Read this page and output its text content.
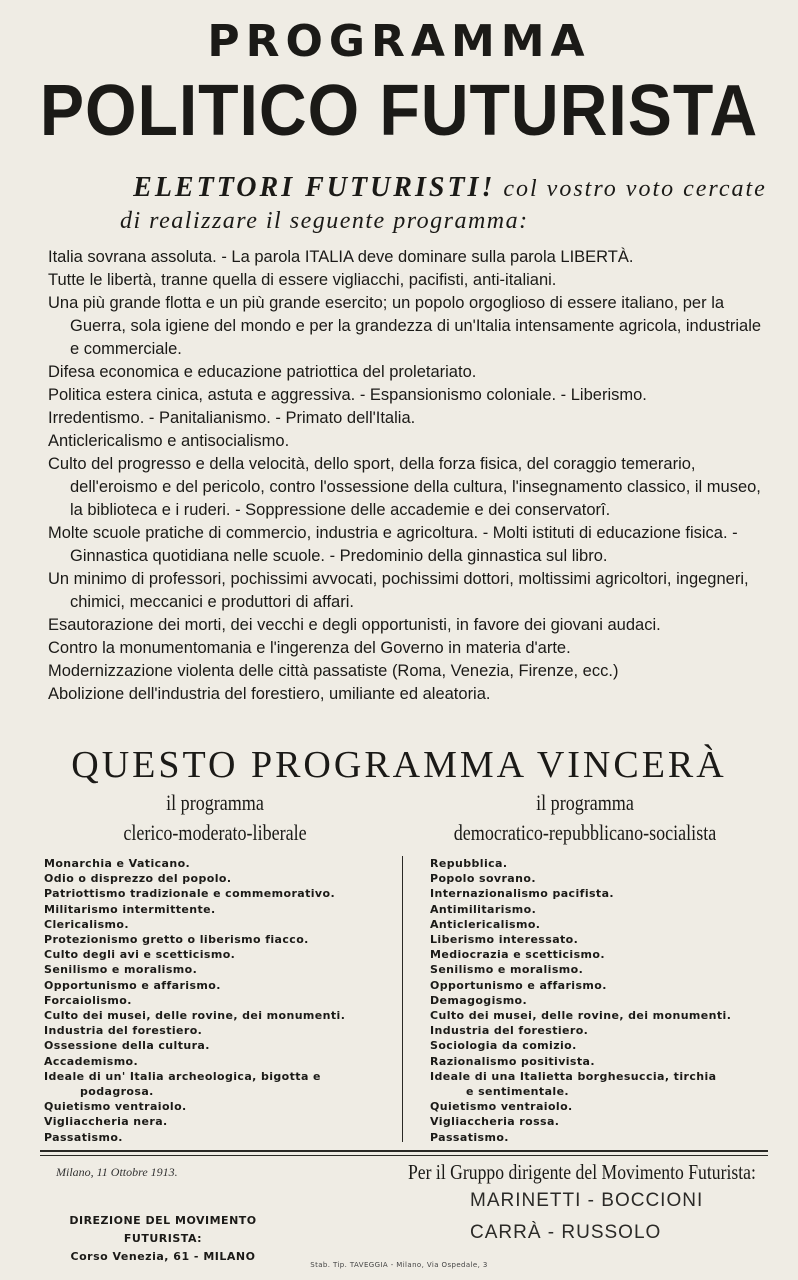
PROGRAMMA
POLITICO FUTURISTA
ELETTORI FUTURISTI! col vostro voto cercate
di realizzare il seguente programma:

Italia sovrana assoluta. - La parola ITALIA deve dominare sulla parola LIBERTÀ.

Tutte le libertà, tranne quella di essere vigliacchi, pacifisti, anti-italiani.

Una più grande flotta e un più grande esercito; un popolo orgoglioso di essere italiano, per la Guerra, sola igiene del mondo e per la grandezza di un'Italia intensamente agricola, industriale e commerciale.

Difesa economica e educazione patriottica del proletariato.

Politica estera cinica, astuta e aggressiva. - Espansionismo coloniale. - Liberismo.

Irredentismo. - Panitalianismo. - Primato dell'Italia.

Anticlericalismo e antisocialismo.

Culto del progresso e della velocità, dello sport, della forza fisica, del coraggio temerario, dell'eroismo e del pericolo, contro l'ossessione della cultura, l'insegnamento classico, il museo, la biblioteca e i ruderi. - Soppressione delle accademie e dei conservatorî.

Molte scuole pratiche di commercio, industria e agricoltura. - Molti istituti di educazione fisica. - Ginnastica quotidiana nelle scuole. - Predominio della ginnastica sul libro.

Un minimo di professori, pochissimi avvocati, pochissimi dottori, moltissimi agricoltori, ingegneri, chimici, meccanici e produttori di affari.

Esautorazione dei morti, dei vecchi e degli opportunisti, in favore dei giovani audaci.

Contro la monumentomania e l'ingerenza del Governo in materia d'arte.

Modernizzazione violenta delle città passatiste (Roma, Venezia, Firenze, ecc.)

Abolizione dell'industria del forestiero, umiliante ed aleatoria.

QUESTO PROGRAMMA VINCERÀ
il programma
clerico-moderato-liberale
il programma
democratico-repubblicano-socialista
Monarchia e Vaticano.
Odio o disprezzo del popolo.
Patriottismo tradizionale e commemorativo.
Militarismo intermittente.
Clericalismo.
Protezionismo gretto o liberismo fiacco.
Culto degli avi e scetticismo.
Senilismo e moralismo.
Opportunismo e affarismo.
Forcaiolismo.
Culto dei musei, delle rovine, dei monumenti.
Industria del forestiero.
Ossessione della cultura.
Accademismo.
Ideale di un' Italia archeologica, bigotta e
podagrosa.
Quietismo ventraiolo.
Vigliaccheria nera.
Passatismo.
Repubblica.
Popolo sovrano.
Internazionalismo pacifista.
Antimilitarismo.
Anticlericalismo.
Liberismo interessato.
Mediocrazia e scetticismo.
Senilismo e moralismo.
Opportunismo e affarismo.
Demagogismo.
Culto dei musei, delle rovine, dei monumenti.
Industria del forestiero.
Sociologia da comizio.
Razionalismo positivista.
Ideale di una Italietta borghesuccia, tirchia
e sentimentale.
Quietismo ventraiolo.
Vigliaccheria rossa.
Passatismo.
Milano, 11 Ottobre 1913.	Per il Gruppo dirigente del Movimento Futurista:
MARINETTI - BOCCIONI
CARRÀ - RUSSOLO
DIREZIONE DEL MOVIMENTO FUTURISTA:
Corso Venezia, 61 - MILANO
Stab. Tip. TAVEGGIA - Milano, Via Ospedale, 3
